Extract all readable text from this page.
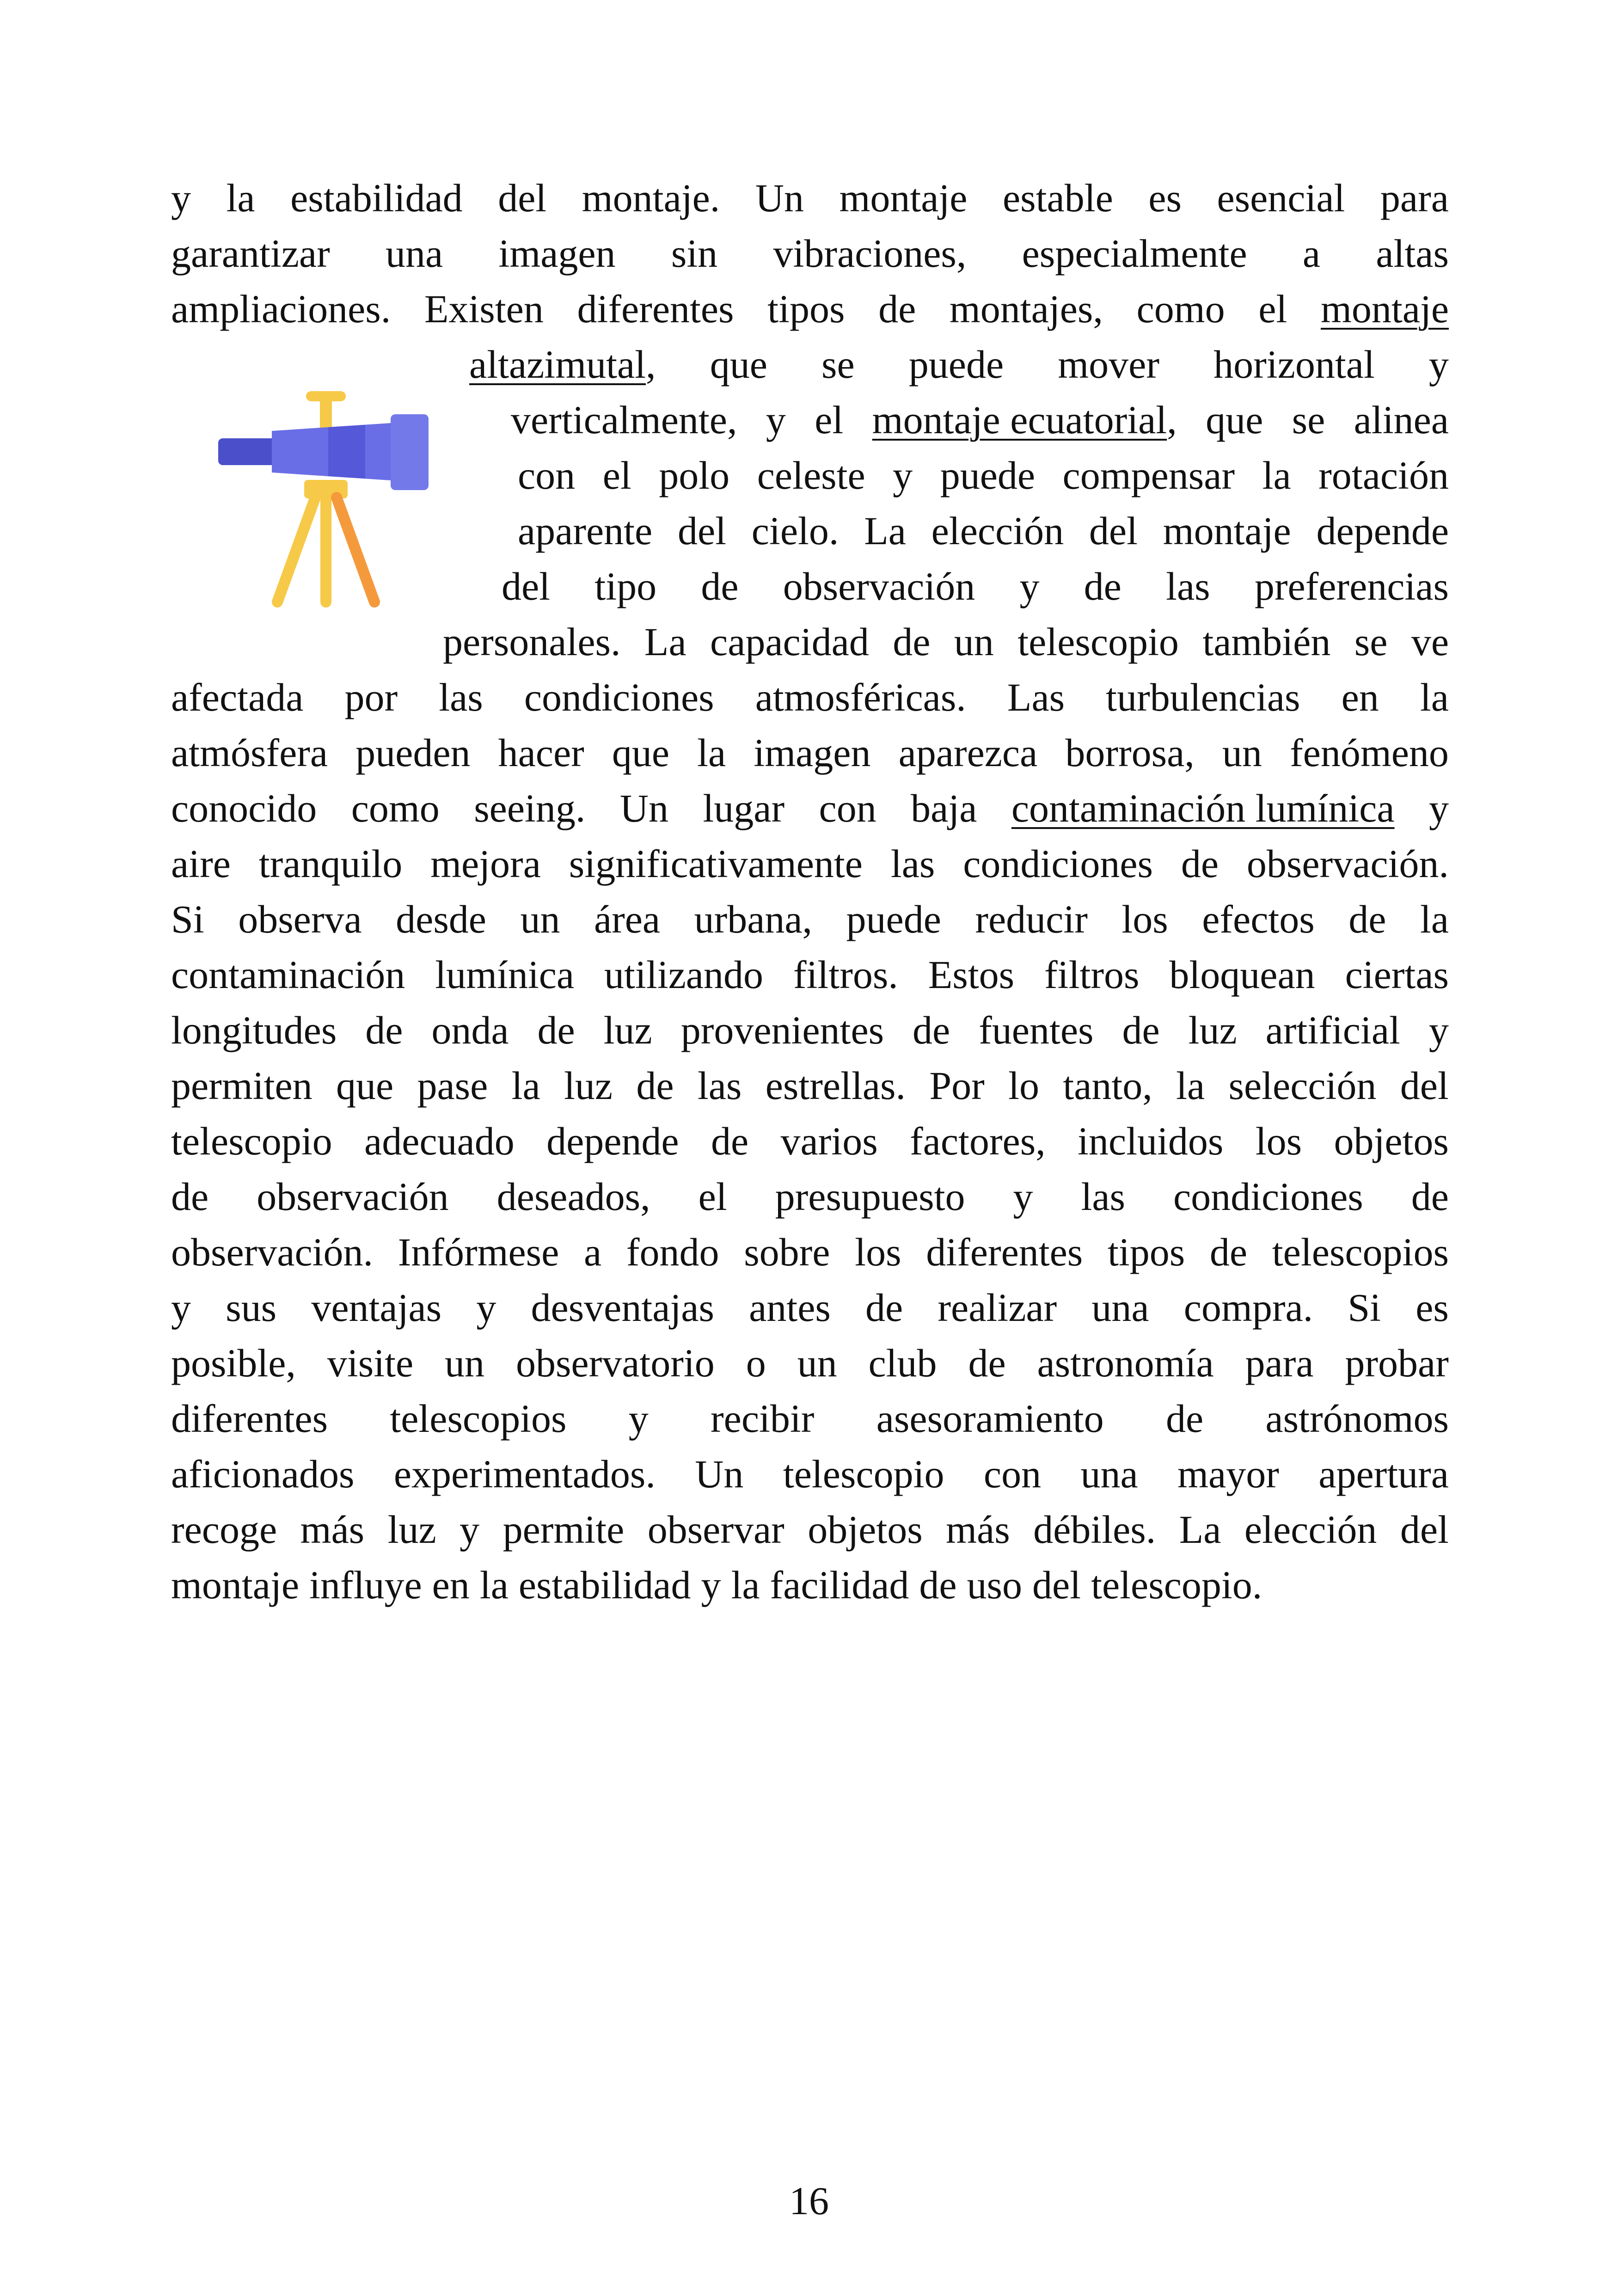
y la estabilidad del montaje. Un montaje estable es esencial para
garantizar una imagen sin vibraciones, especialmente a altas
ampliaciones. Existen diferentes tipos de montajes, como el montaje
altazimutal, que se puede mover horizontal y
verticalmente, y el montaje ecuatorial, que se alinea
con el polo celeste y puede compensar la rotación
aparente del cielo. La elección del montaje depende
del tipo de observación y de las preferencias
personales. La capacidad de un telescopio también se ve
afectada por las condiciones atmosféricas. Las turbulencias en la
atmósfera pueden hacer que la imagen aparezca borrosa, un fenómeno
conocido como seeing. Un lugar con baja contaminación lumínica y
aire tranquilo mejora significativamente las condiciones de observación.
Si observa desde un área urbana, puede reducir los efectos de la
contaminación lumínica utilizando filtros. Estos filtros bloquean ciertas
longitudes de onda de luz provenientes de fuentes de luz artificial y
permiten que pase la luz de las estrellas. Por lo tanto, la selección del
telescopio adecuado depende de varios factores, incluidos los objetos
de observación deseados, el presupuesto y las condiciones de
observación. Infórmese a fondo sobre los diferentes tipos de telescopios
y sus ventajas y desventajas antes de realizar una compra. Si es
posible, visite un observatorio o un club de astronomía para probar
diferentes telescopios y recibir asesoramiento de astrónomos
aficionados experimentados. Un telescopio con una mayor apertura
recoge más luz y permite observar objetos más débiles. La elección del
montaje influye en la estabilidad y la facilidad de uso del telescopio.
16
